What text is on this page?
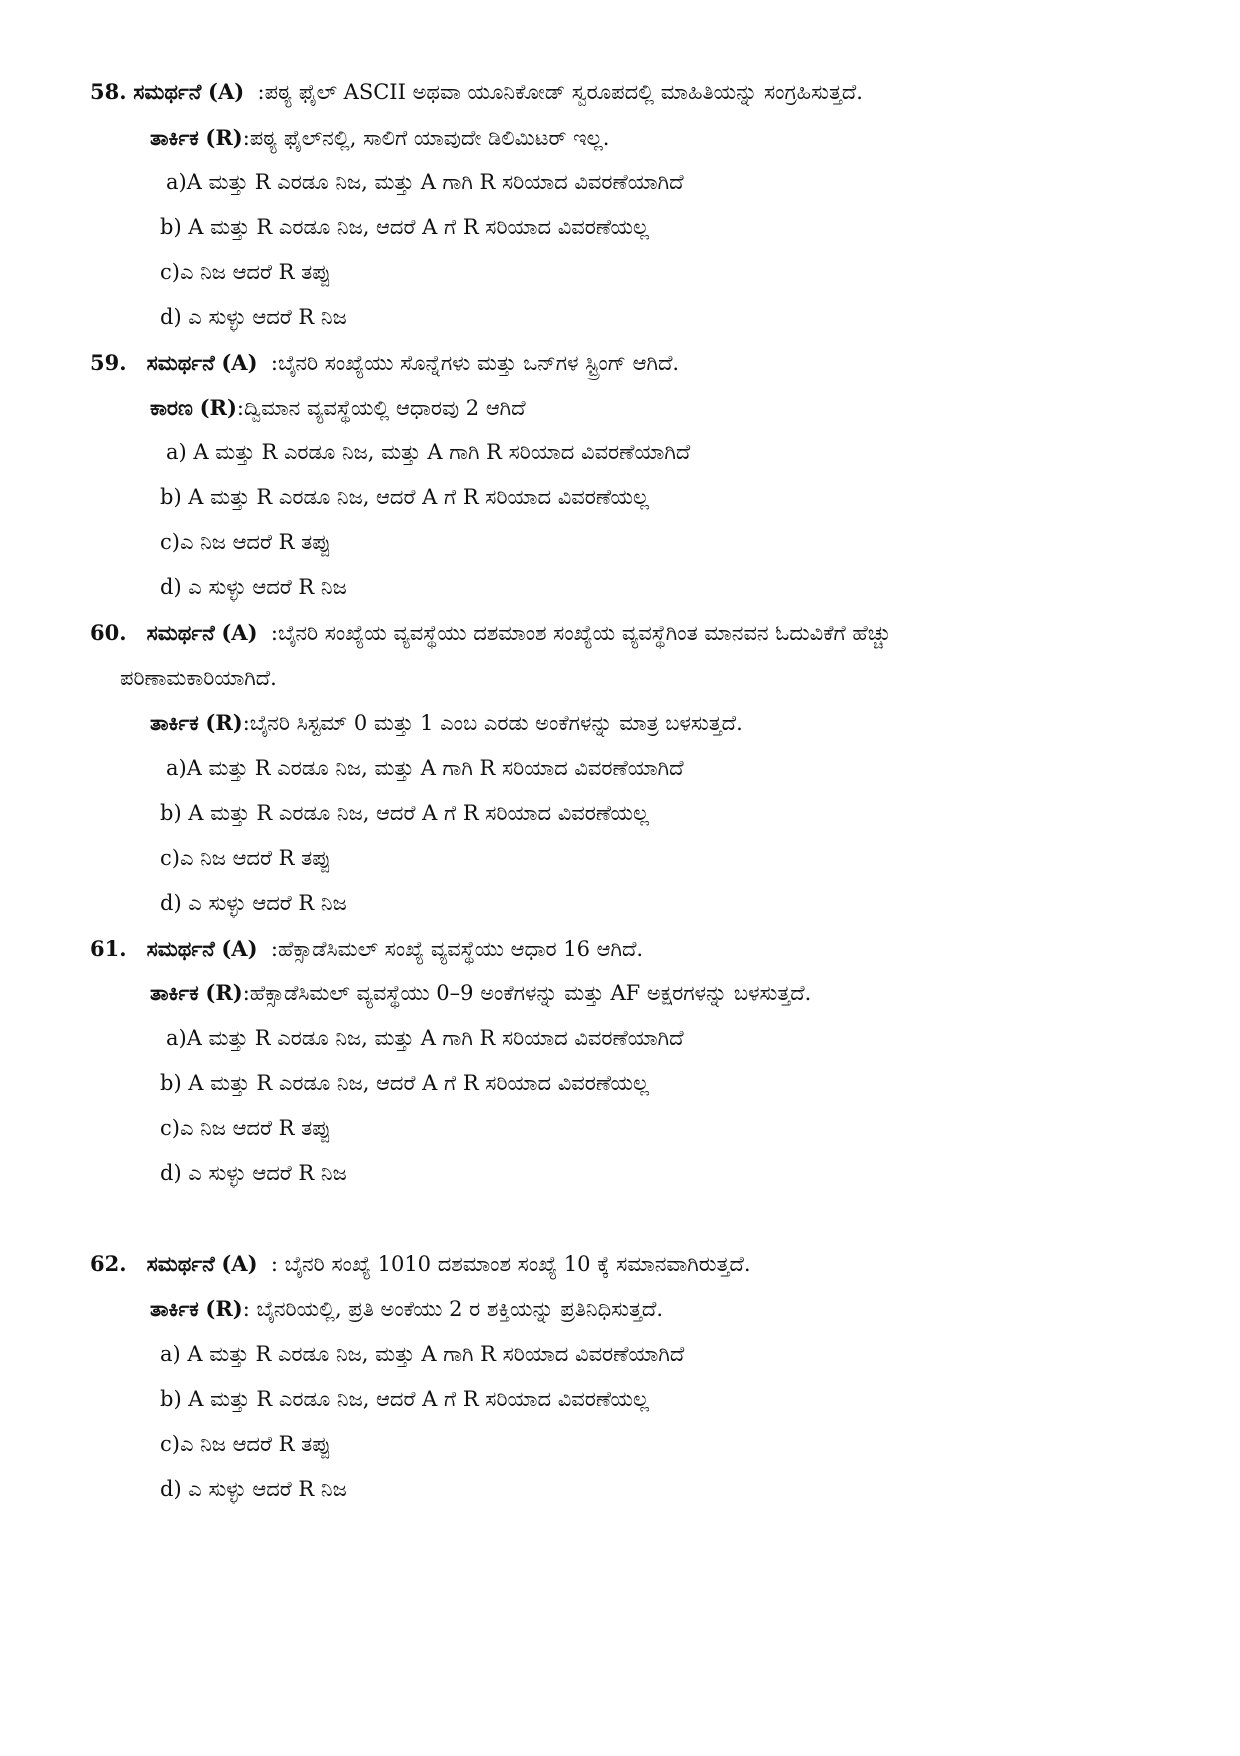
58. ಸಮರ್ಥನೆ (A) :ಪಠ್ಯ ಫೈಲ್ ASCII ಅಥವಾ ಯೂನಿಕೋಡ್ ಸ್ವರೂಪದಲ್ಲಿ ಮಾಹಿತಿಯನ್ನು ಸಂಗ್ರಹಿಸುತ್ತದೆ.
ತಾರ್ಕಿಕ (R):ಪಠ್ಯ ಫೈಲ್‌ನಲ್ಲಿ, ಸಾಲಿಗೆ ಯಾವುದೇ ಡಿಲಿಮಿಟರ್ ಇಲ್ಲ.
a)A ಮತ್ತು R ಎರಡೂ ನಿಜ, ಮತ್ತು A ಗಾಗಿ R ಸರಿಯಾದ ವಿವರಣೆಯಾಗಿದೆ
b) A ಮತ್ತು R ಎರಡೂ ನಿಜ, ಆದರೆ A ಗೆ R ಸರಿಯಾದ ವಿವರಣೆಯಲ್ಲ
c)ಎ ನಿಜ ಆದರೆ R ತಪ್ಪು
d) ಎ ಸುಳ್ಳು ಆದರೆ R ನಿಜ
59. ಸಮರ್ಥನೆ (A) :ಬೈನರಿ ಸಂಖ್ಯೆಯು ಸೊನ್ನೆಗಳು ಮತ್ತು ಒನ್‌ಗಳ ಸ್ಟ್ರಿಂಗ್ ಆಗಿದೆ.
ಕಾರಣ (R):ದ್ವಿಮಾನ ವ್ಯವಸ್ಥೆಯಲ್ಲಿ ಆಧಾರವು 2 ಆಗಿದೆ
a) A ಮತ್ತು R ಎರಡೂ ನಿಜ, ಮತ್ತು A ಗಾಗಿ R ಸರಿಯಾದ ವಿವರಣೆಯಾಗಿದೆ
b) A ಮತ್ತು R ಎರಡೂ ನಿಜ, ಆದರೆ A ಗೆ R ಸರಿಯಾದ ವಿವರಣೆಯಲ್ಲ
c)ಎ ನಿಜ ಆದರೆ R ತಪ್ಪು
d) ಎ ಸುಳ್ಳು ಆದರೆ R ನಿಜ
60. ಸಮರ್ಥನೆ (A) :ಬೈನರಿ ಸಂಖ್ಯೆಯ ವ್ಯವಸ್ಥೆಯು ದಶಮಾಂಶ ಸಂಖ್ಯೆಯ ವ್ಯವಸ್ಥೆಗಿಂತ ಮಾನವನ ಓದುವಿಕೆಗೆ ಹೆಚ್ಚು
ಪರಿಣಾಮಕಾರಿಯಾಗಿದೆ.
ತಾರ್ಕಿಕ (R):ಬೈನರಿ ಸಿಸ್ಟಮ್ 0 ಮತ್ತು 1 ಎಂಬ ಎರಡು ಅಂಕೆಗಳನ್ನು ಮಾತ್ರ ಬಳಸುತ್ತದೆ.
a)A ಮತ್ತು R ಎರಡೂ ನಿಜ, ಮತ್ತು A ಗಾಗಿ R ಸರಿಯಾದ ವಿವರಣೆಯಾಗಿದೆ
b) A ಮತ್ತು R ಎರಡೂ ನಿಜ, ಆದರೆ A ಗೆ R ಸರಿಯಾದ ವಿವರಣೆಯಲ್ಲ
c)ಎ ನಿಜ ಆದರೆ R ತಪ್ಪು
d) ಎ ಸುಳ್ಳು ಆದರೆ R ನಿಜ
61. ಸಮರ್ಥನೆ (A) :ಹೆಕ್ಸಾಡೆಸಿಮಲ್ ಸಂಖ್ಯೆ ವ್ಯವಸ್ಥೆಯು ಆಧಾರ 16 ಆಗಿದೆ.
ತಾರ್ಕಿಕ (R):ಹೆಕ್ಸಾಡೆಸಿಮಲ್ ವ್ಯವಸ್ಥೆಯು 0–9 ಅಂಕೆಗಳನ್ನು ಮತ್ತು AF ಅಕ್ಷರಗಳನ್ನು ಬಳಸುತ್ತದೆ.
a)A ಮತ್ತು R ಎರಡೂ ನಿಜ, ಮತ್ತು A ಗಾಗಿ R ಸರಿಯಾದ ವಿವರಣೆಯಾಗಿದೆ
b) A ಮತ್ತು R ಎರಡೂ ನಿಜ, ಆದರೆ A ಗೆ R ಸರಿಯಾದ ವಿವರಣೆಯಲ್ಲ
c)ಎ ನಿಜ ಆದರೆ R ತಪ್ಪು
d) ಎ ಸುಳ್ಳು ಆದರೆ R ನಿಜ
62. ಸಮರ್ಥನೆ (A) : ಬೈನರಿ ಸಂಖ್ಯೆ 1010 ದಶಮಾಂಶ ಸಂಖ್ಯೆ 10 ಕ್ಕೆ ಸಮಾನವಾಗಿರುತ್ತದೆ.
ತಾರ್ಕಿಕ (R): ಬೈನರಿಯಲ್ಲಿ, ಪ್ರತಿ ಅಂಕೆಯು 2 ರ ಶಕ್ತಿಯನ್ನು ಪ್ರತಿನಿಧಿಸುತ್ತದೆ.
a) A ಮತ್ತು R ಎರಡೂ ನಿಜ, ಮತ್ತು A ಗಾಗಿ R ಸರಿಯಾದ ವಿವರಣೆಯಾಗಿದೆ
b) A ಮತ್ತು R ಎರಡೂ ನಿಜ, ಆದರೆ A ಗೆ R ಸರಿಯಾದ ವಿವರಣೆಯಲ್ಲ
c)ಎ ನಿಜ ಆದರೆ R ತಪ್ಪು
d) ಎ ಸುಳ್ಳು ಆದರೆ R ನಿಜ
